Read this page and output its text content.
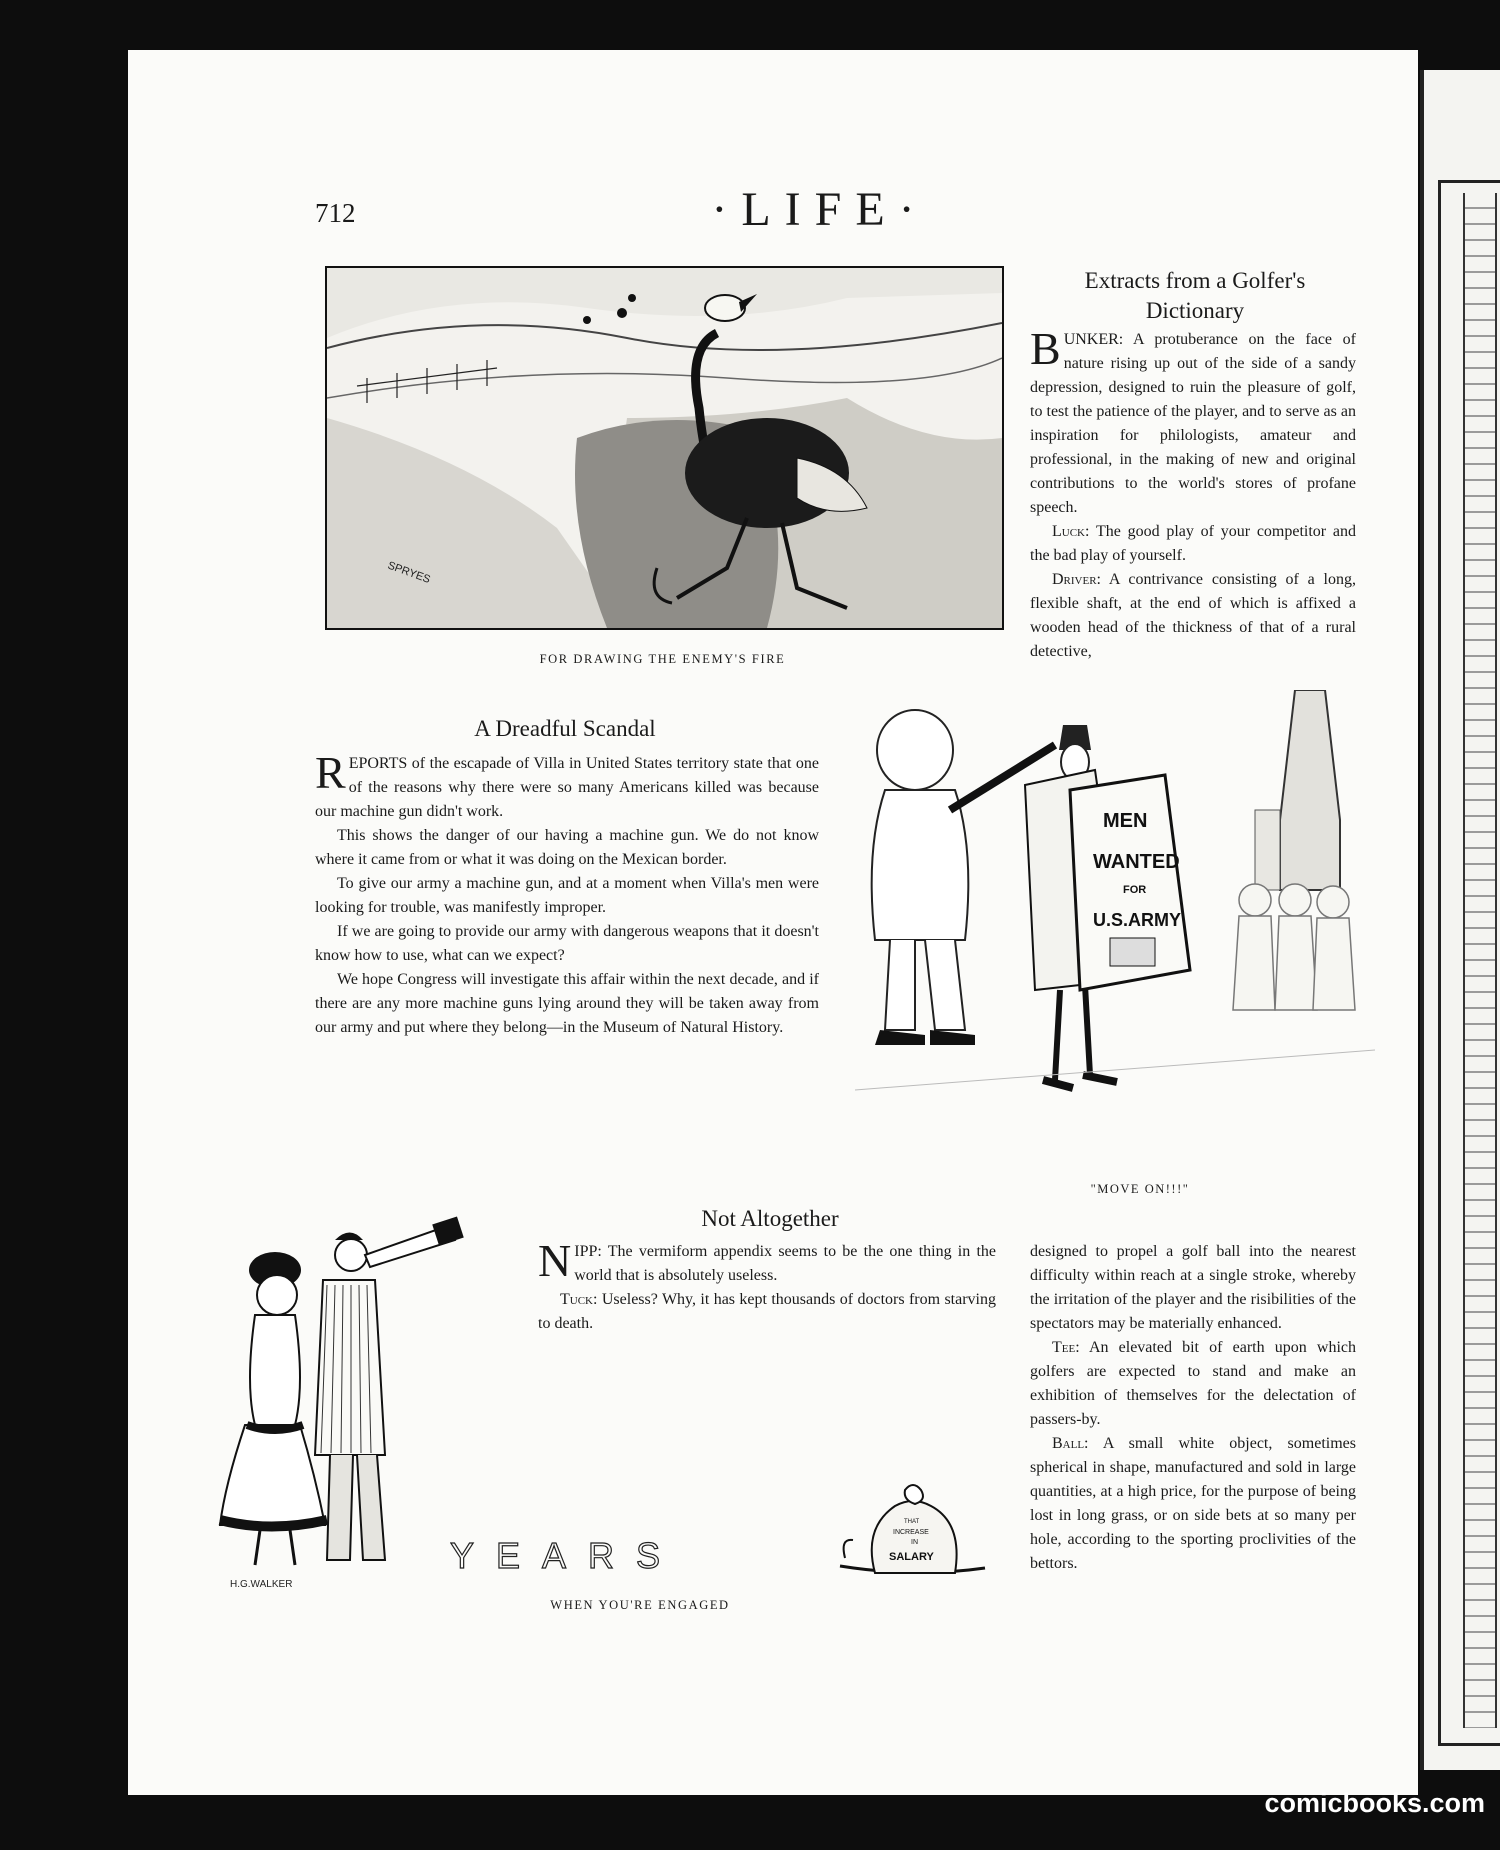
712	·LIFE·
SPRYES
FOR DRAWING THE ENEMY'S FIRE
Extracts from a Golfer's
Dictionary

B UNKER: A protuberance on the face of nature rising up out of the side of a sandy depression, designed to ruin the pleasure of golf, to test the patience of the player, and to serve as an inspiration for philologists, amateur and professional, in the making of new and original contributions to the world's stores of profane speech.

Luck: The good play of your competitor and the bad play of yourself.

Driver: A contrivance consisting of a long, flexible shaft, at the end of which is affixed a wooden head of the thickness of that of a rural detective,

A Dreadful Scandal

R EPORTS of the escapade of Villa in United States territory state that one of the reasons why there were so many Americans killed was because our machine gun didn't work.

This shows the danger of our having a machine gun. We do not know where it came from or what it was doing on the Mexican border.

To give our army a machine gun, and at a moment when Villa's men were looking for trouble, was manifestly improper.

If we are going to provide our army with dangerous weapons that it doesn't know how to use, what can we expect?

We hope Congress will investigate this affair within the next decade, and if there are any more machine guns lying around they will be taken away from our army and put where they belong—in the Museum of Natural History.

MEN
WANTED
FOR
U.S.ARMY
"MOVE ON!!!"
Not Altogether

N IPP: The vermiform appendix seems to be the one thing in the world that is absolutely useless.

Tuck: Useless? Why, it has kept thousands of doctors from starving to death.

H.G.WALKER
YEARS
THAT
INCREASE
IN
SALARY
WHEN YOU'RE ENGAGED

designed to propel a golf ball into the nearest difficulty within reach at a single stroke, whereby the irritation of the player and the risibilities of the spectators may be materially enhanced.

Tee: An elevated bit of earth upon which golfers are expected to stand and make an exhibition of themselves for the delectation of passers-by.

Ball: A small white object, sometimes spherical in shape, manufactured and sold in large quantities, at a high price, for the purpose of being lost in long grass, or on side bets at so many per hole, according to the sporting proclivities of the bettors.

comicbooks.com
